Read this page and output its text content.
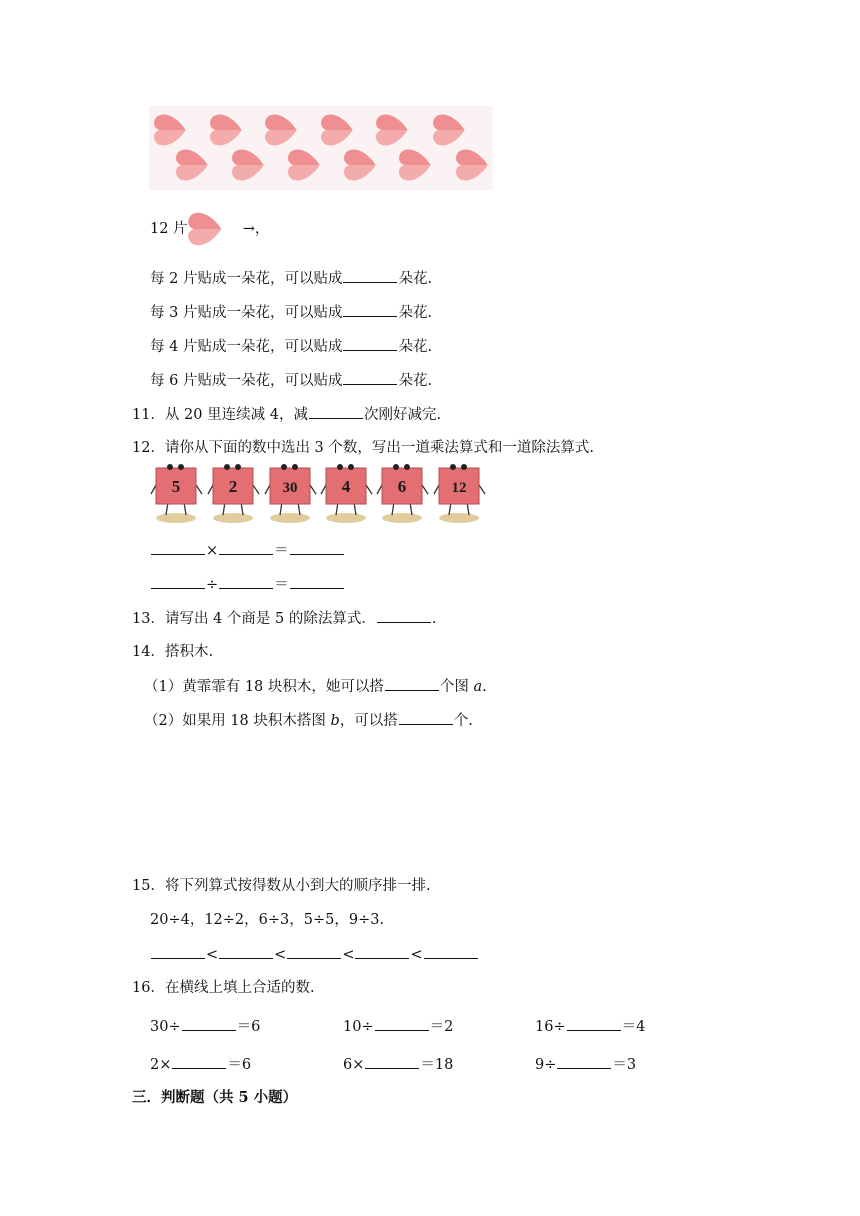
12 片	→，
每 2 片贴成一朵花，可以贴成	朵花.
每 3 片贴成一朵花，可以贴成	朵花.
每 4 片贴成一朵花，可以贴成	朵花.
每 6 片贴成一朵花，可以贴成	朵花.
11．从 20 里连续减 4，减	次刚好减完.
12．请你从下面的数中选出 3 个数，写出一道乘法算式和一道除法算式.
5	2	30	4	6	12
×	＝
÷	＝
13．请写出 4 个商是 5 的除法算式．	.
14．搭积木.
（1）黄霏霏有 18 块积木，她可以搭	个图 a.
（2）如果用 18 块积木搭图 b，可以搭	个.
15．将下列算式按得数从小到大的顺序排一排.
20÷4，12÷2，6÷3，5÷5，9÷3.
<	<	<	<
16．在横线上填上合适的数.
30÷	＝6	10÷	＝2	16÷	＝4
2×	＝6	6×	＝18	9÷	＝3
三．判断题（共 5 小题）
